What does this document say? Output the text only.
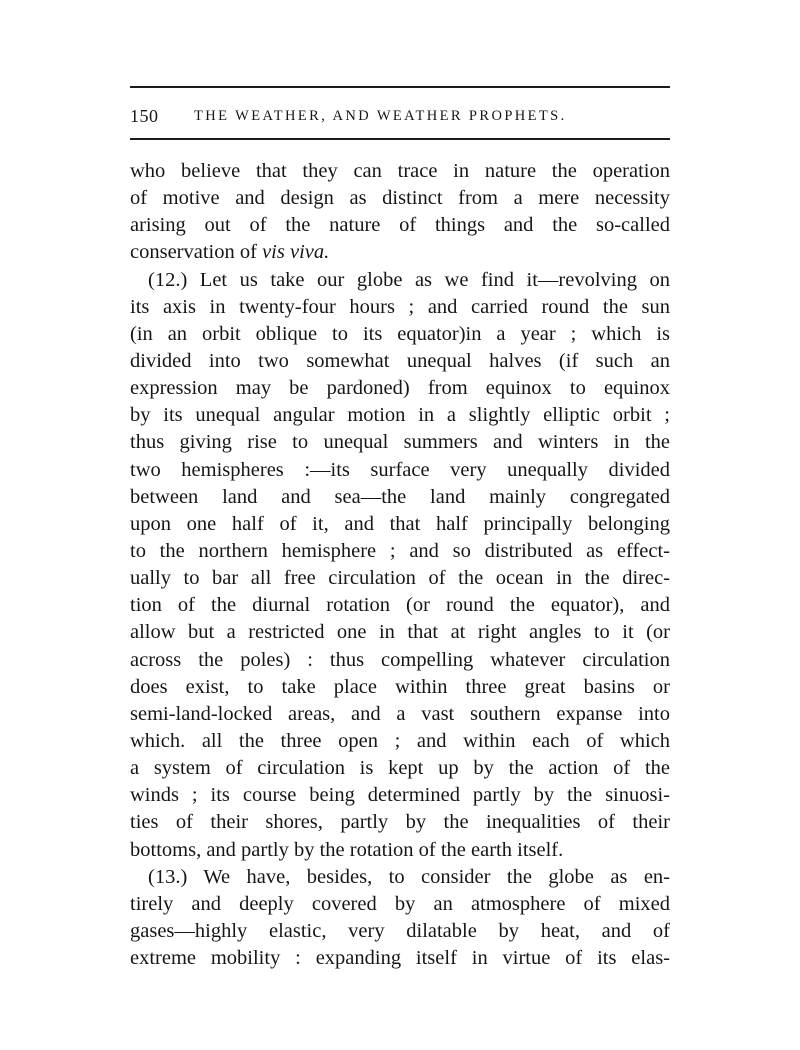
150 THE WEATHER, AND WEATHER PROPHETS.
who believe that they can trace in nature the operation
of motive and design as distinct from a mere necessity
arising out of the nature of things and the so-called
conservation of vis viva.
(12.) Let us take our globe as we find it—revolving on
its axis in twenty-four hours ; and carried round the sun
(in an orbit oblique to its equator)in a year ; which is
divided into two somewhat unequal halves (if such an
expression may be pardoned) from equinox to equinox
by its unequal angular motion in a slightly elliptic orbit ;
thus giving rise to unequal summers and winters in the
two hemispheres :—its surface very unequally divided
between land and sea—the land mainly congregated
upon one half of it, and that half principally belonging
to the northern hemisphere ; and so distributed as effect-
ually to bar all free circulation of the ocean in the direc-
tion of the diurnal rotation (or round the equator), and
allow but a restricted one in that at right angles to it (or
across the poles) : thus compelling whatever circulation
does exist, to take place within three great basins or
semi-land-locked areas, and a vast southern expanse into
which. all the three open ; and within each of which
a system of circulation is kept up by the action of the
winds ; its course being determined partly by the sinuosi-
ties of their shores, partly by the inequalities of their
bottoms, and partly by the rotation of the earth itself.
(13.) We have, besides, to consider the globe as en-
tirely and deeply covered by an atmosphere of mixed
gases—highly elastic, very dilatable by heat, and of
extreme mobility : expanding itself in virtue of its elas-
